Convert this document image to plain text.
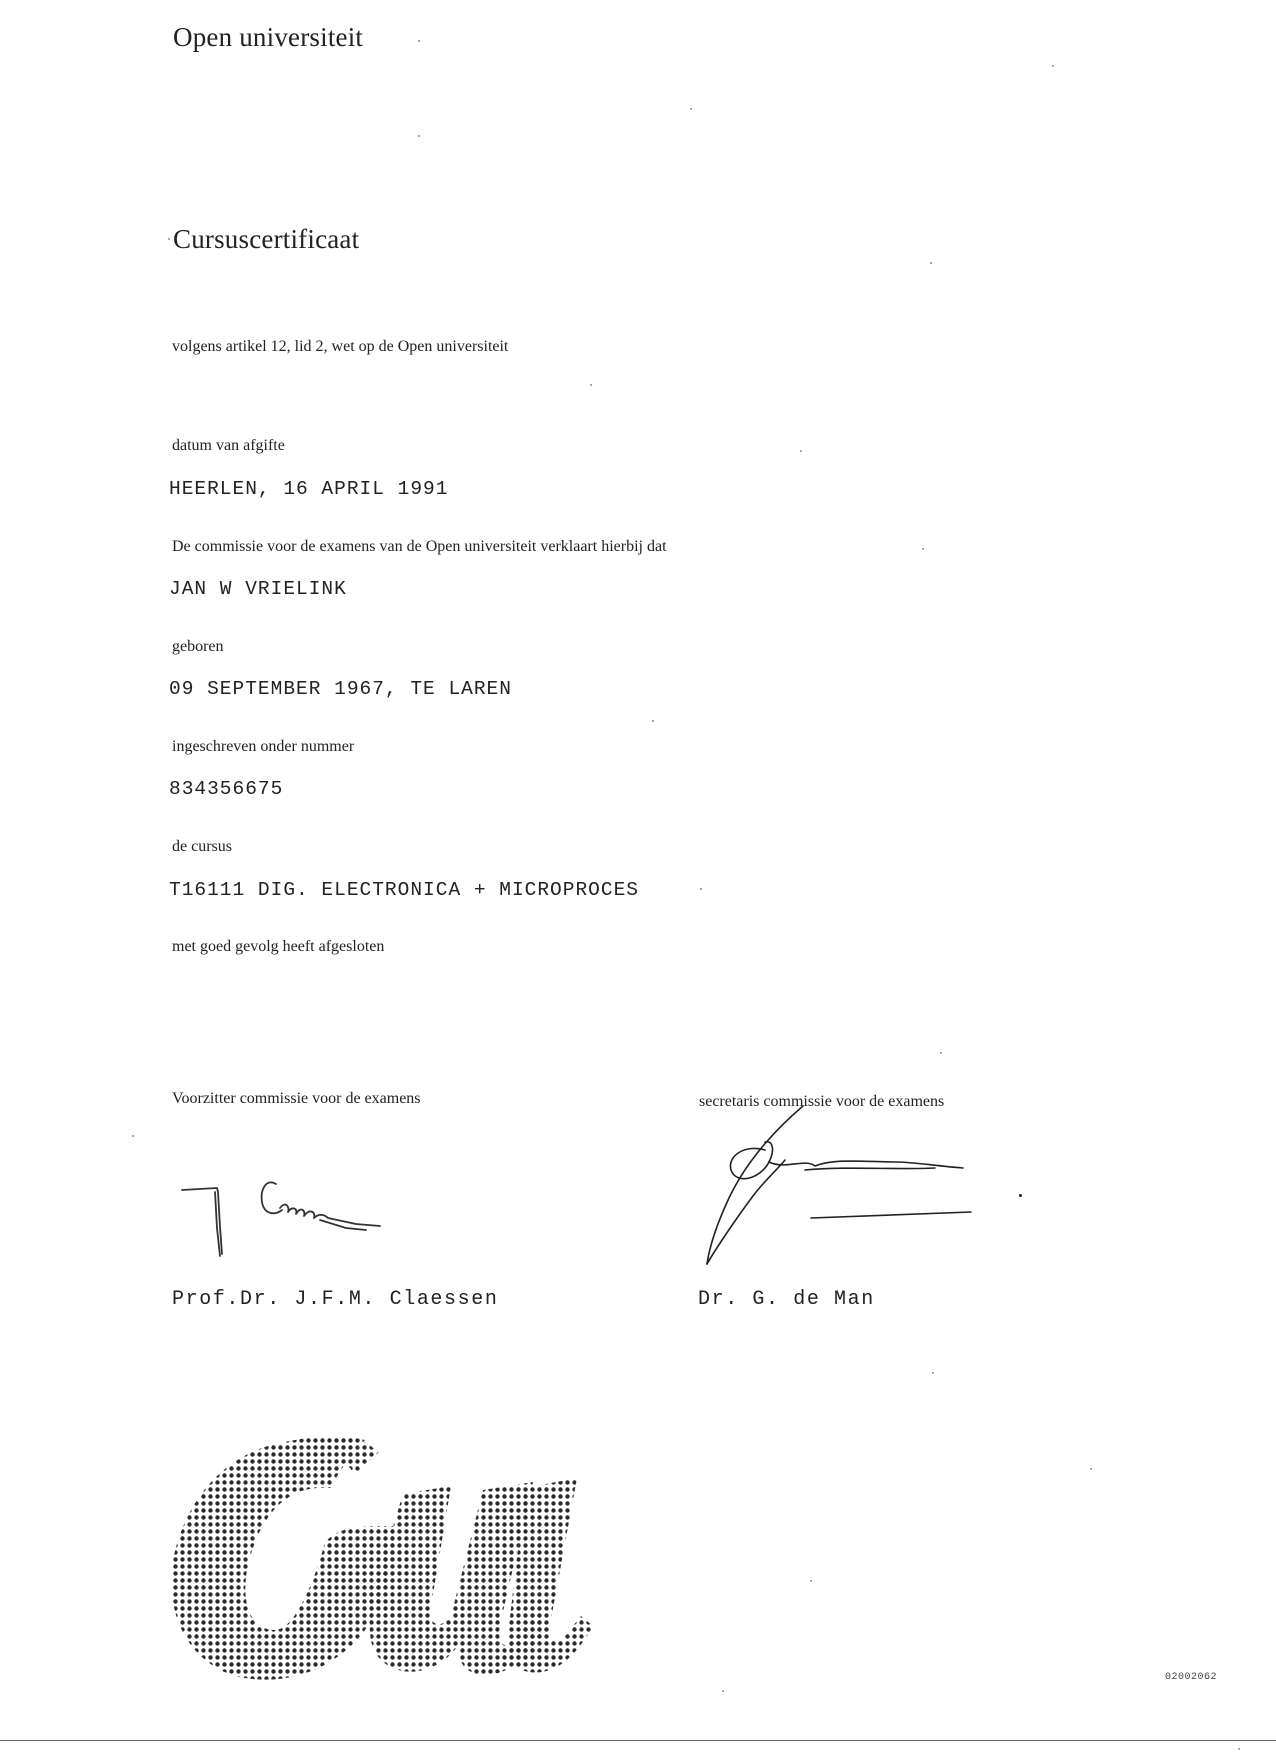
Open universiteit
Cursuscertificaat
volgens artikel 12, lid 2, wet op de Open universiteit
datum van afgifte
HEERLEN, 16 APRIL 1991
De commissie voor de examens van de Open universiteit verklaart hierbij dat
JAN W VRIELINK
geboren
09 SEPTEMBER 1967, TE LAREN
ingeschreven onder nummer
834356675
de cursus
T16111 DIG. ELECTRONICA + MICROPROCES
met goed gevolg heeft afgesloten
Voorzitter commissie voor de examens	secretaris commissie voor de examens
Prof.Dr. J.F.M. Claessen	Dr. G. de Man
02002062
